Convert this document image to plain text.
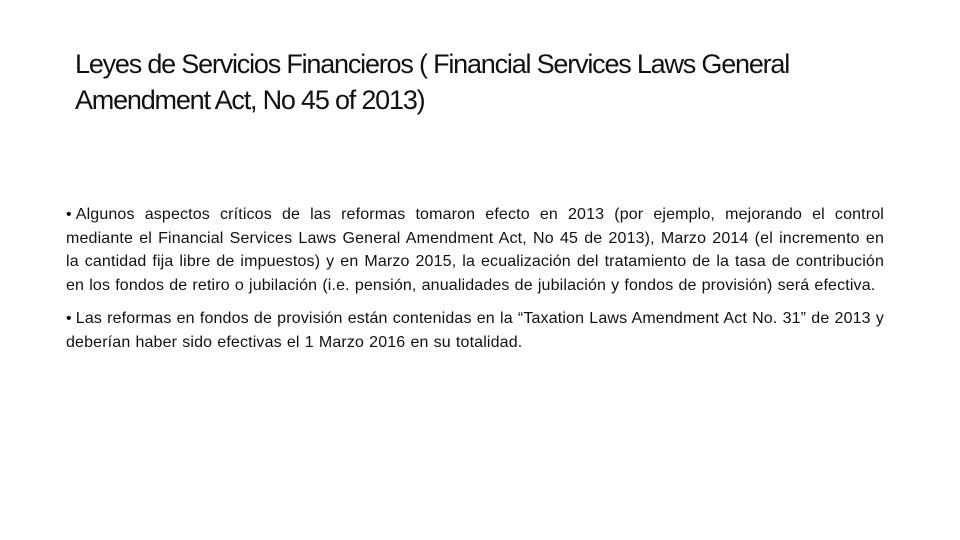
Leyes de Servicios Financieros ( Financial Services Laws General Amendment Act, No 45 of 2013)

• Algunos aspectos críticos de las reformas tomaron efecto en 2013 (por ejemplo, mejorando el control mediante el Financial Services Laws General Amendment Act, No 45 de 2013), Marzo 2014 (el incremento en la cantidad fija libre de impuestos) y en Marzo 2015, la ecualización del tratamiento de la tasa de contribución en los fondos de retiro o jubilación (i.e. pensión, anualidades de jubilación y fondos de provisión) será efectiva.

• Las reformas en fondos de provisión están contenidas en la “Taxation Laws Amendment Act No. 31” de 2013 y deberían haber sido efectivas el 1 Marzo 2016 en su totalidad.
